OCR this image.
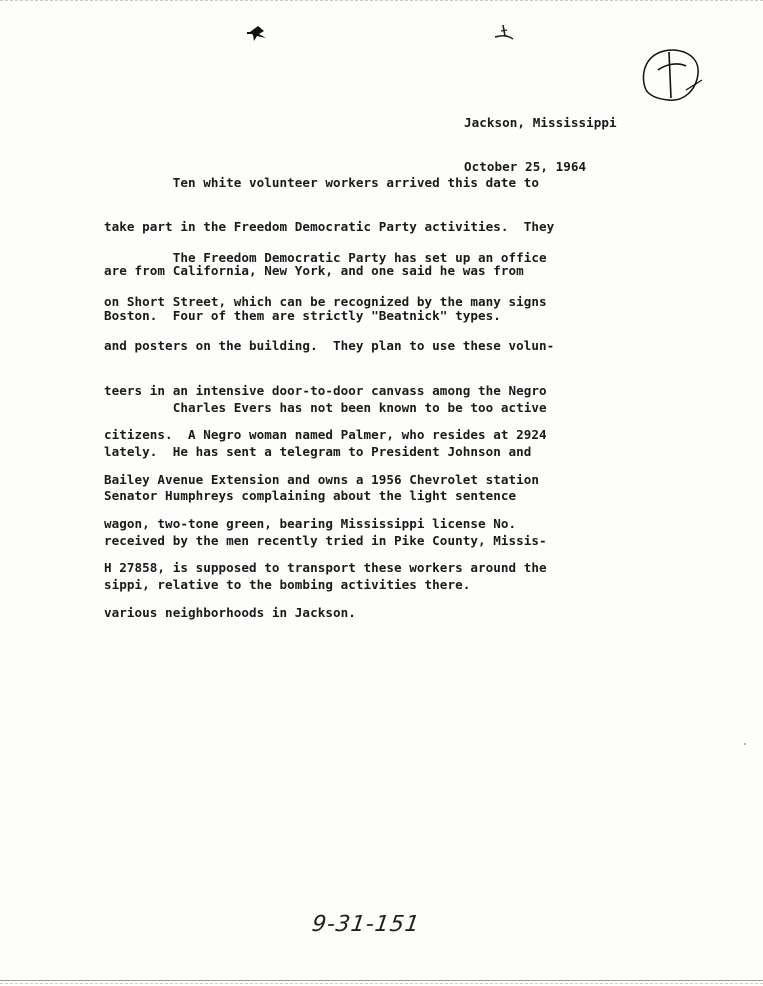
Jackson, Mississippi

October 25, 1964

Ten white volunteer workers arrived this date to

take part in the Freedom Democratic Party activities.  They

are from California, New York, and one said he was from

Boston.  Four of them are strictly "Beatnick" types.

The Freedom Democratic Party has set up an office

on Short Street, which can be recognized by the many signs

and posters on the building.  They plan to use these volun-

teers in an intensive door-to-door canvass among the Negro

citizens.  A Negro woman named Palmer, who resides at 2924

Bailey Avenue Extension and owns a 1956 Chevrolet station

wagon, two-tone green, bearing Mississippi license No.

H 27858, is supposed to transport these workers around the

various neighborhoods in Jackson.

Charles Evers has not been known to be too active

lately.  He has sent a telegram to President Johnson and

Senator Humphreys complaining about the light sentence

received by the men recently tried in Pike County, Missis-

sippi, relative to the bombing activities there.

9-31-151
